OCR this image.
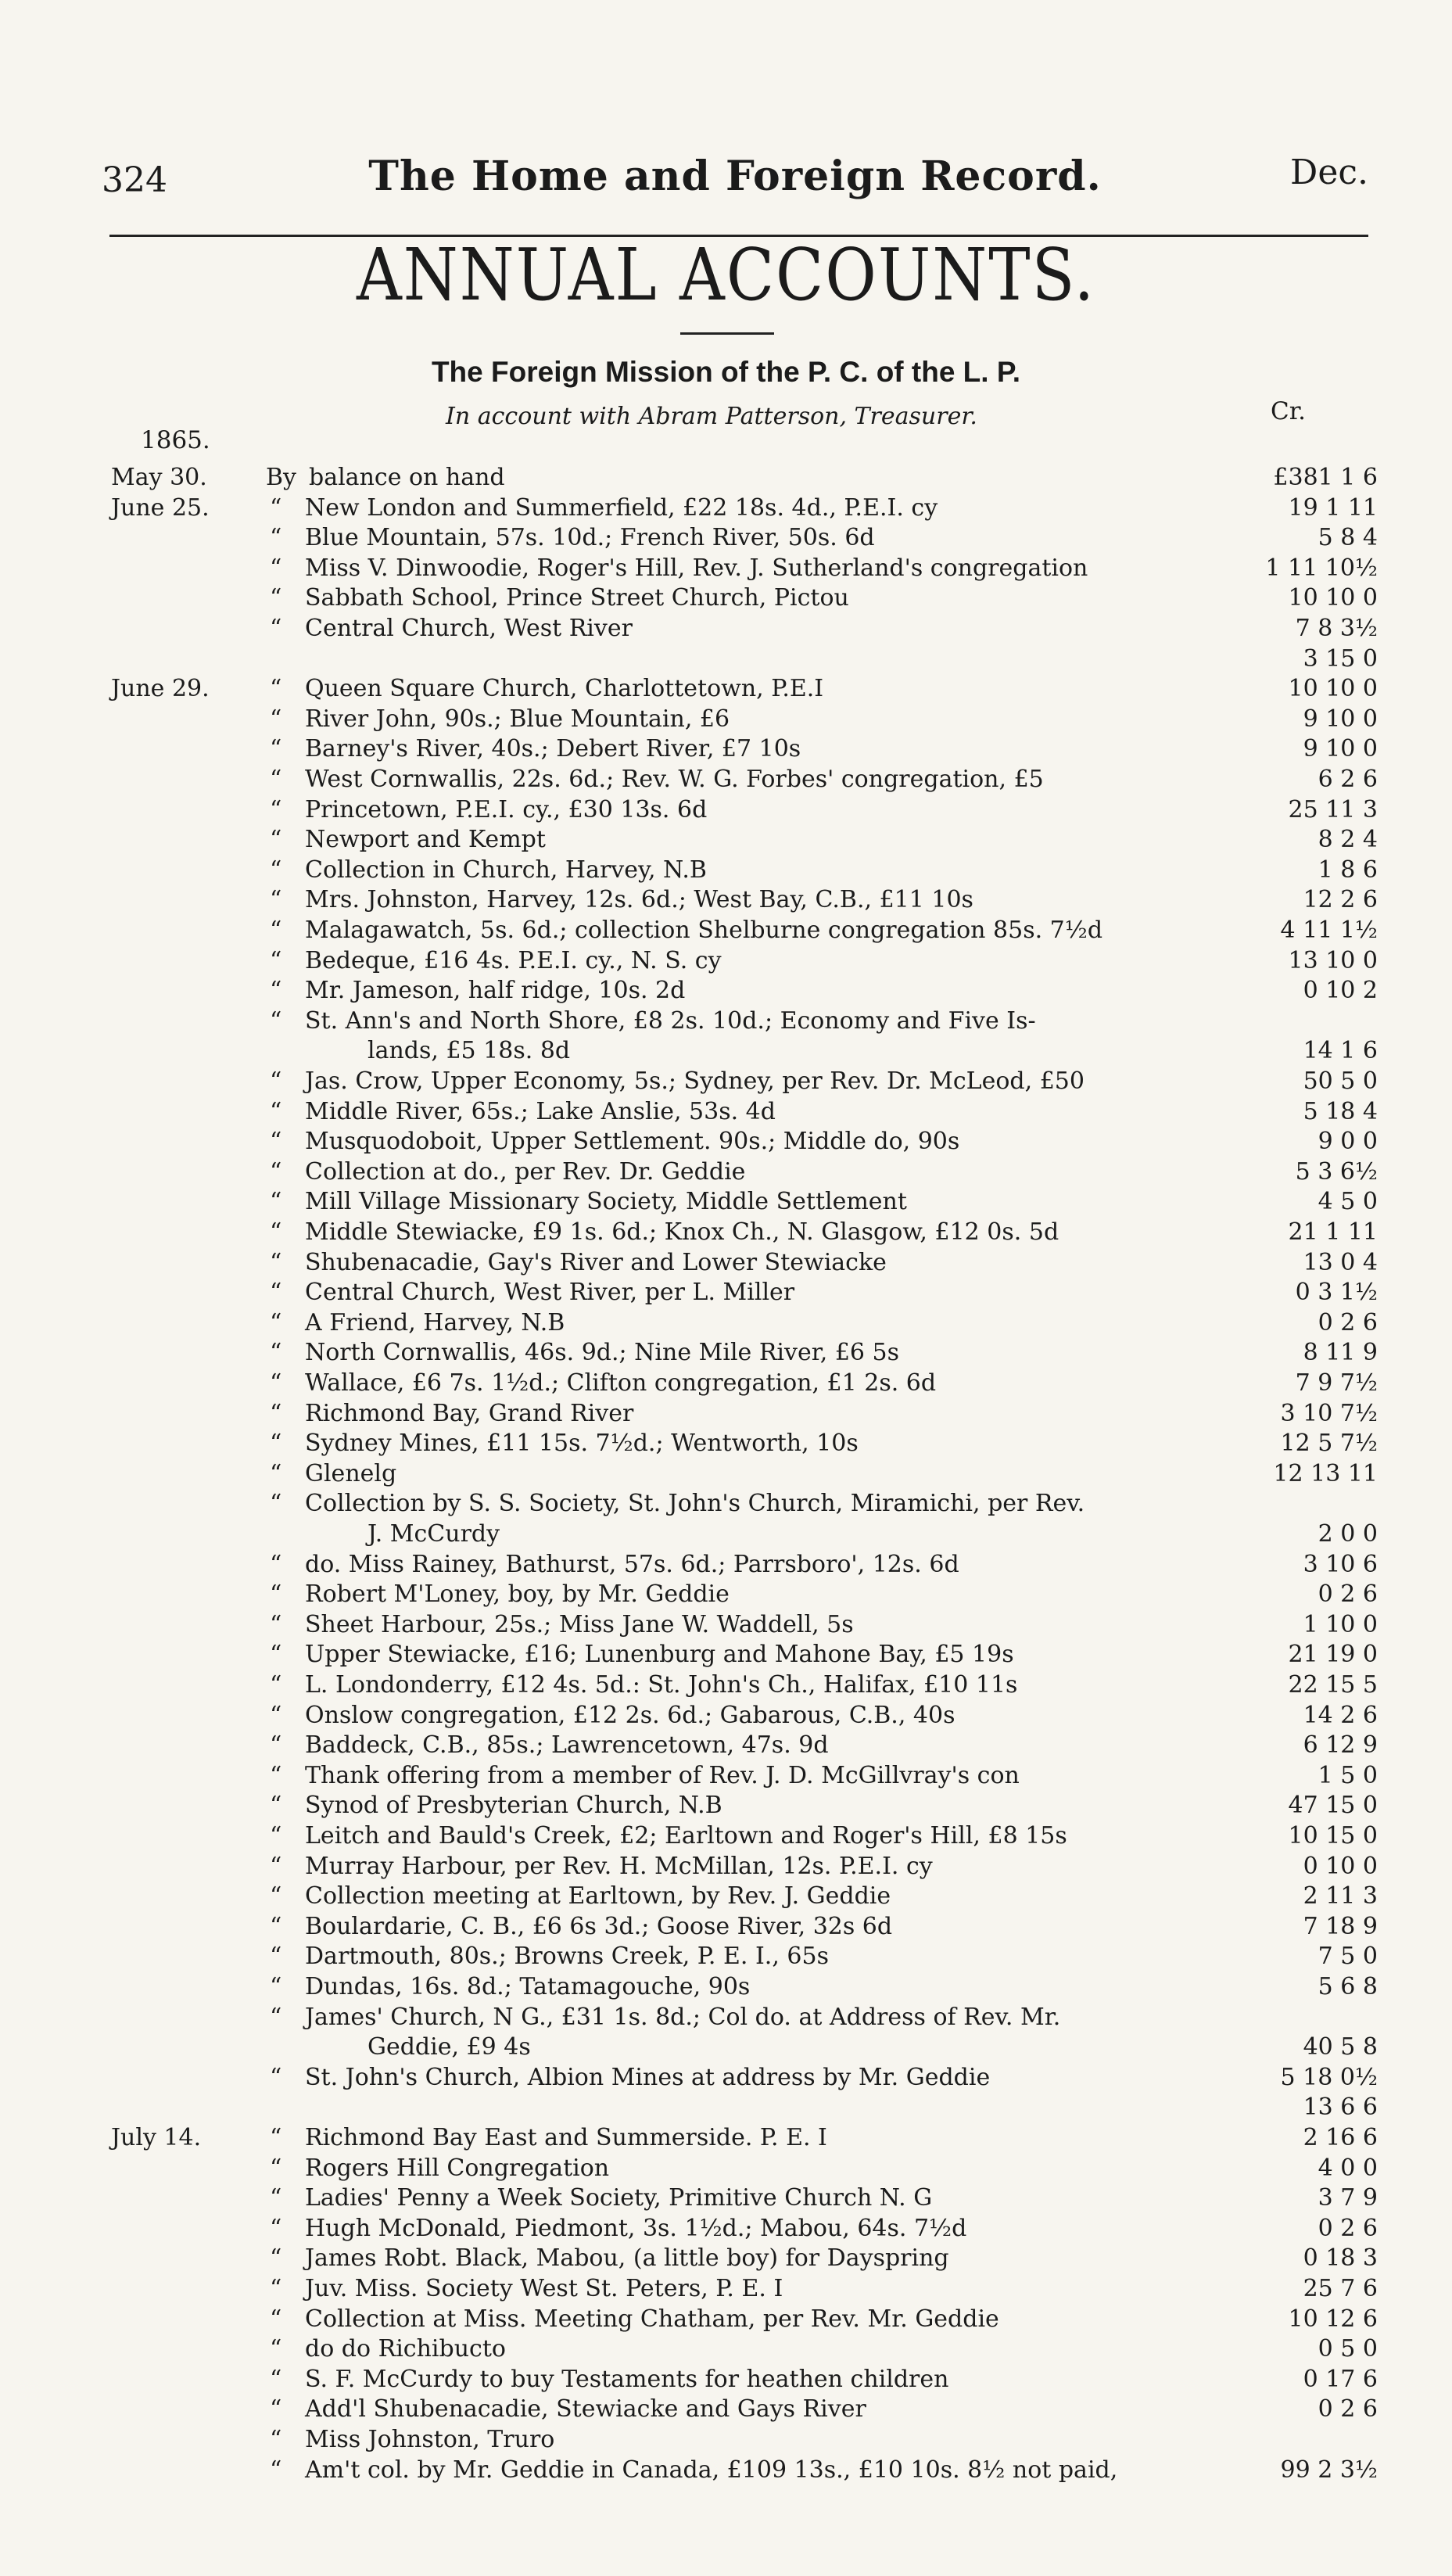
324	The Home and Foreign Record.	Dec.
ANNUAL ACCOUNTS.
The Foreign Mission of the P. C. of the L. P.
In account with Abram Patterson, Treasurer.	Cr.
1865.
May 30.	By balance on hand	£381 1 6
June 25.	“ New London and Summerfield, £22 18s. 4d., P.E.I. cy	19 1 11
“ Blue Mountain, 57s. 10d.; French River, 50s. 6d	5 8 4
“ Miss V. Dinwoodie, Roger's Hill, Rev. J. Sutherland's congregation	1 11 10½
“ Sabbath School, Prince Street Church, Pictou	10 10 0
“ Central Church, West River	7 8 3½
3 15 0
June 29.	“ Queen Square Church, Charlottetown, P.E.I	10 10 0
“ River John, 90s.; Blue Mountain, £6	9 10 0
“ Barney's River, 40s.; Debert River, £7 10s	9 10 0
“ West Cornwallis, 22s. 6d.; Rev. W. G. Forbes' congregation, £5	6 2 6
“ Princetown, P.E.I. cy., £30 13s. 6d	25 11 3
“ Newport and Kempt	8 2 4
“ Collection in Church, Harvey, N.B	1 8 6
“ Mrs. Johnston, Harvey, 12s. 6d.; West Bay, C.B., £11 10s	12 2 6
“ Malagawatch, 5s. 6d.; collection Shelburne congregation 85s. 7½d	4 11 1½
“ Bedeque, £16 4s. P.E.I. cy., N. S. cy	13 10 0
“ Mr. Jameson, half ridge, 10s. 2d	0 10 2
“ St. Ann's and North Shore, £8 2s. 10d.; Economy and Five Is-
lands, £5 18s. 8d	14 1 6
“ Jas. Crow, Upper Economy, 5s.; Sydney, per Rev. Dr. McLeod, £50	50 5 0
“ Middle River, 65s.; Lake Anslie, 53s. 4d	5 18 4
“ Musquodoboit, Upper Settlement. 90s.; Middle do, 90s	9 0 0
“ Collection at do., per Rev. Dr. Geddie	5 3 6½
“ Mill Village Missionary Society, Middle Settlement	4 5 0
“ Middle Stewiacke, £9 1s. 6d.; Knox Ch., N. Glasgow, £12 0s. 5d	21 1 11
“ Shubenacadie, Gay's River and Lower Stewiacke	13 0 4
“ Central Church, West River, per L. Miller	0 3 1½
“ A Friend, Harvey, N.B	0 2 6
“ North Cornwallis, 46s. 9d.; Nine Mile River, £6 5s	8 11 9
“ Wallace, £6 7s. 1½d.; Clifton congregation, £1 2s. 6d	7 9 7½
“ Richmond Bay, Grand River	3 10 7½
“ Sydney Mines, £11 15s. 7½d.; Wentworth, 10s	12 5 7½
“ Glenelg	12 13 11
“ Collection by S. S. Society, St. John's Church, Miramichi, per Rev.
J. McCurdy	2 0 0
“ do. Miss Rainey, Bathurst, 57s. 6d.; Parrsboro', 12s. 6d	3 10 6
“ Robert M'Loney, boy, by Mr. Geddie	0 2 6
“ Sheet Harbour, 25s.; Miss Jane W. Waddell, 5s	1 10 0
“ Upper Stewiacke, £16; Lunenburg and Mahone Bay, £5 19s	21 19 0
“ L. Londonderry, £12 4s. 5d.: St. John's Ch., Halifax, £10 11s	22 15 5
“ Onslow congregation, £12 2s. 6d.; Gabarous, C.B., 40s	14 2 6
“ Baddeck, C.B., 85s.; Lawrencetown, 47s. 9d	6 12 9
“ Thank offering from a member of Rev. J. D. McGillvray's con	1 5 0
“ Synod of Presbyterian Church, N.B	47 15 0
“ Leitch and Bauld's Creek, £2; Earltown and Roger's Hill, £8 15s	10 15 0
“ Murray Harbour, per Rev. H. McMillan, 12s. P.E.I. cy	0 10 0
“ Collection meeting at Earltown, by Rev. J. Geddie	2 11 3
“ Boulardarie, C. B., £6 6s 3d.; Goose River, 32s 6d	7 18 9
“ Dartmouth, 80s.; Browns Creek, P. E. I., 65s	7 5 0
“ Dundas, 16s. 8d.; Tatamagouche, 90s	5 6 8
“ James' Church, N G., £31 1s. 8d.; Col do. at Address of Rev. Mr.
Geddie, £9 4s	40 5 8
“ St. John's Church, Albion Mines at address by Mr. Geddie	5 18 0½
13 6 6
July 14.	“ Richmond Bay East and Summerside. P. E. I	2 16 6
“ Rogers Hill Congregation	4 0 0
“ Ladies' Penny a Week Society, Primitive Church N. G	3 7 9
“ Hugh McDonald, Piedmont, 3s. 1½d.; Mabou, 64s. 7½d	0 2 6
“ James Robt. Black, Mabou, (a little boy) for Dayspring	0 18 3
“ Juv. Miss. Society West St. Peters, P. E. I	25 7 6
“ Collection at Miss. Meeting Chatham, per Rev. Mr. Geddie	10 12 6
“ do do Richibucto	0 5 0
“ S. F. McCurdy to buy Testaments for heathen children	0 17 6
“ Add'l Shubenacadie, Stewiacke and Gays River	0 2 6
“ Miss Johnston, Truro
“ Am't col. by Mr. Geddie in Canada, £109 13s., £10 10s. 8½ not paid,	99 2 3½
